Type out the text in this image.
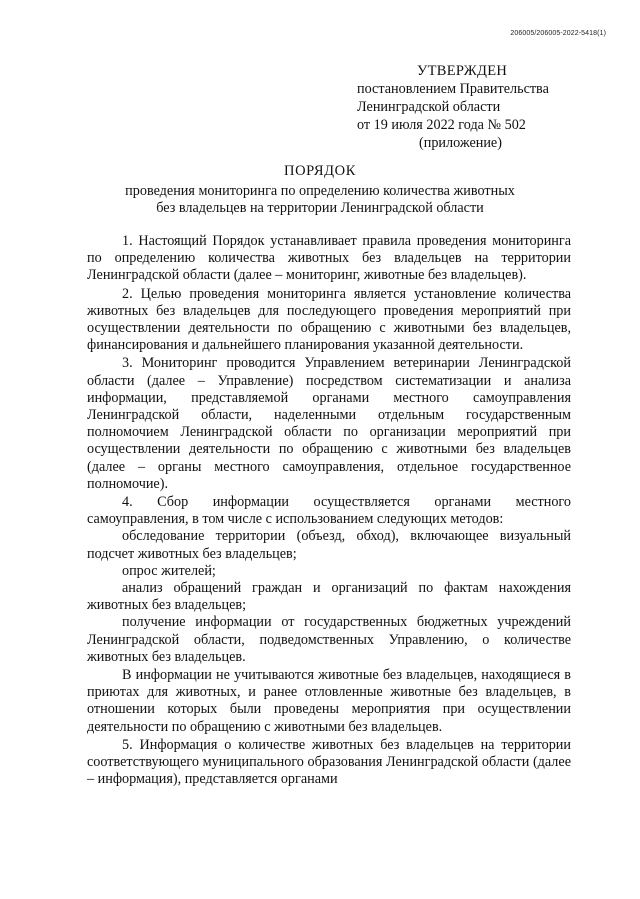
206005/206005-2022-5418(1)
УТВЕРЖДЕН
постановлением Правительства
Ленинградской области
от 19 июля 2022 года № 502
(приложение)
ПОРЯДОК
проведения мониторинга по определению количества животных
без владельцев на территории Ленинградской области

1. Настоящий Порядок устанавливает правила проведения мониторинга по определению количества животных без владельцев на территории Ленинградской области (далее – мониторинг, животные без владельцев).

2. Целью проведения мониторинга является установление количества животных без владельцев для последующего проведения мероприятий при осуществлении деятельности по обращению с животными без владельцев, финансирования и дальнейшего планирования указанной деятельности.

3. Мониторинг проводится Управлением ветеринарии Ленинградской области (далее – Управление) посредством систематизации и анализа информации, представляемой органами местного самоуправления Ленинградской области, наделенными отдельным государственным полномочием Ленинградской области по организации мероприятий при осуществлении деятельности по обращению с животными без владельцев (далее – органы местного самоуправления, отдельное государственное полномочие).

4. Сбор информации осуществляется органами местного самоуправления, в том числе с использованием следующих методов:

обследование территории (объезд, обход), включающее визуальный подсчет животных без владельцев;

опрос жителей;

анализ обращений граждан и организаций по фактам нахождения животных без владельцев;

получение информации от государственных бюджетных учреждений Ленинградской области, подведомственных Управлению, о количестве животных без владельцев.

В информации не учитываются животные без владельцев, находящиеся в приютах для животных, и ранее отловленные животные без владельцев, в отношении которых были проведены мероприятия при осуществлении деятельности по обращению с животными без владельцев.

5. Информация о количестве животных без владельцев на территории соответствующего муниципального образования Ленинградской области (далее – информация), представляется органами
